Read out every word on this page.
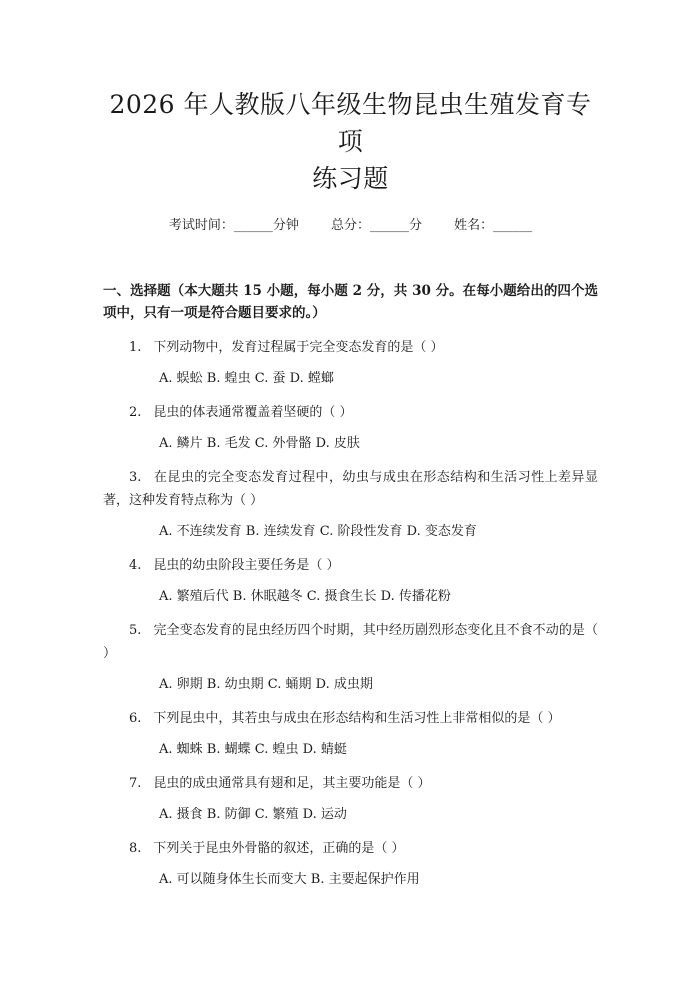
2026 年人教版八年级生物昆虫生殖发育专项
练习题
考试时间：______分钟 总分：______分 姓名：______
一、选择题（本大题共 15 小题，每小题 2 分，共 30 分。在每小题给出的四个选项中，只有一项是符合题目要求的。）

1. 下列动物中，发育过程属于完全变态发育的是（ ）

A. 蜈蚣 B. 蝗虫 C. 蚕 D. 螳螂

2. 昆虫的体表通常覆盖着坚硬的（ ）

A. 鳞片 B. 毛发 C. 外骨骼 D. 皮肤

3. 在昆虫的完全变态发育过程中，幼虫与成虫在形态结构和生活习性上差异显著，这种发育特点称为（ ）

A. 不连续发育 B. 连续发育 C. 阶段性发育 D. 变态发育

4. 昆虫的幼虫阶段主要任务是（ ）

A. 繁殖后代 B. 休眠越冬 C. 摄食生长 D. 传播花粉

5. 完全变态发育的昆虫经历四个时期，其中经历剧烈形态变化且不食不动的是（ ）

A. 卵期 B. 幼虫期 C. 蛹期 D. 成虫期

6. 下列昆虫中，其若虫与成虫在形态结构和生活习性上非常相似的是（ ）

A. 蜘蛛 B. 蝴蝶 C. 蝗虫 D. 蜻蜓

7. 昆虫的成虫通常具有翅和足，其主要功能是（ ）

A. 摄食 B. 防御 C. 繁殖 D. 运动

8. 下列关于昆虫外骨骼的叙述，正确的是（ ）

A. 可以随身体生长而变大 B. 主要起保护作用
